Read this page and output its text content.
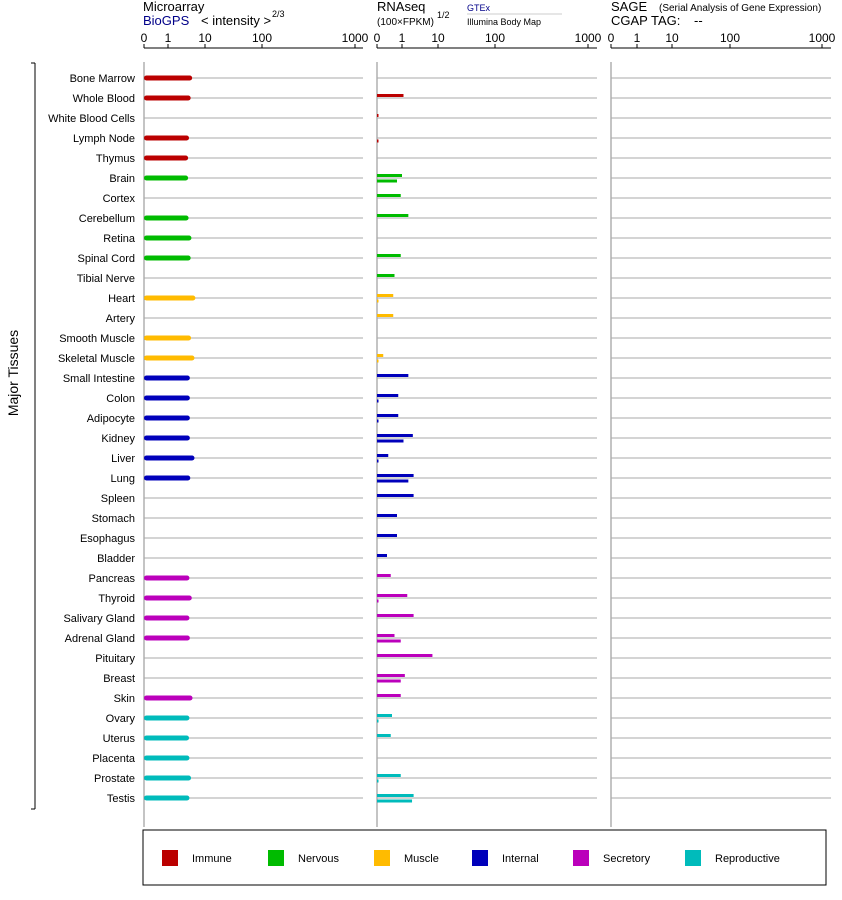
Microarray
BioGPS < intensity > 2/3	RNAseq
(100×FPKM)
1/2
GTEx
Illumina Body Map
SAGE (Serial Analysis of Gene Expression)
CGAP TAG: --
0 1 10	100	1000 0 1 10	100	1000 0 1 10	100	1000
Bone Marrow
Whole Blood
White Blood Cells
Lymph Node
Thymus
Brain
Cortex
Cerebellum
Retina
Spinal Cord
Tibial Nerve
Heart
Artery
Smooth Muscle
Skeletal Muscle
Small Intestine
Colon
Adipocyte
Kidney
Liver
Lung
Spleen
Stomach
Esophagus
Bladder
Pancreas
Thyroid
Salivary Gland
Adrenal Gland
Pituitary
Breast
Skin
Ovary
Uterus
Placenta
Prostate
Testis
Major Tissues
Immune	Nervous	Muscle	Internal	Secretory	Reproductive
